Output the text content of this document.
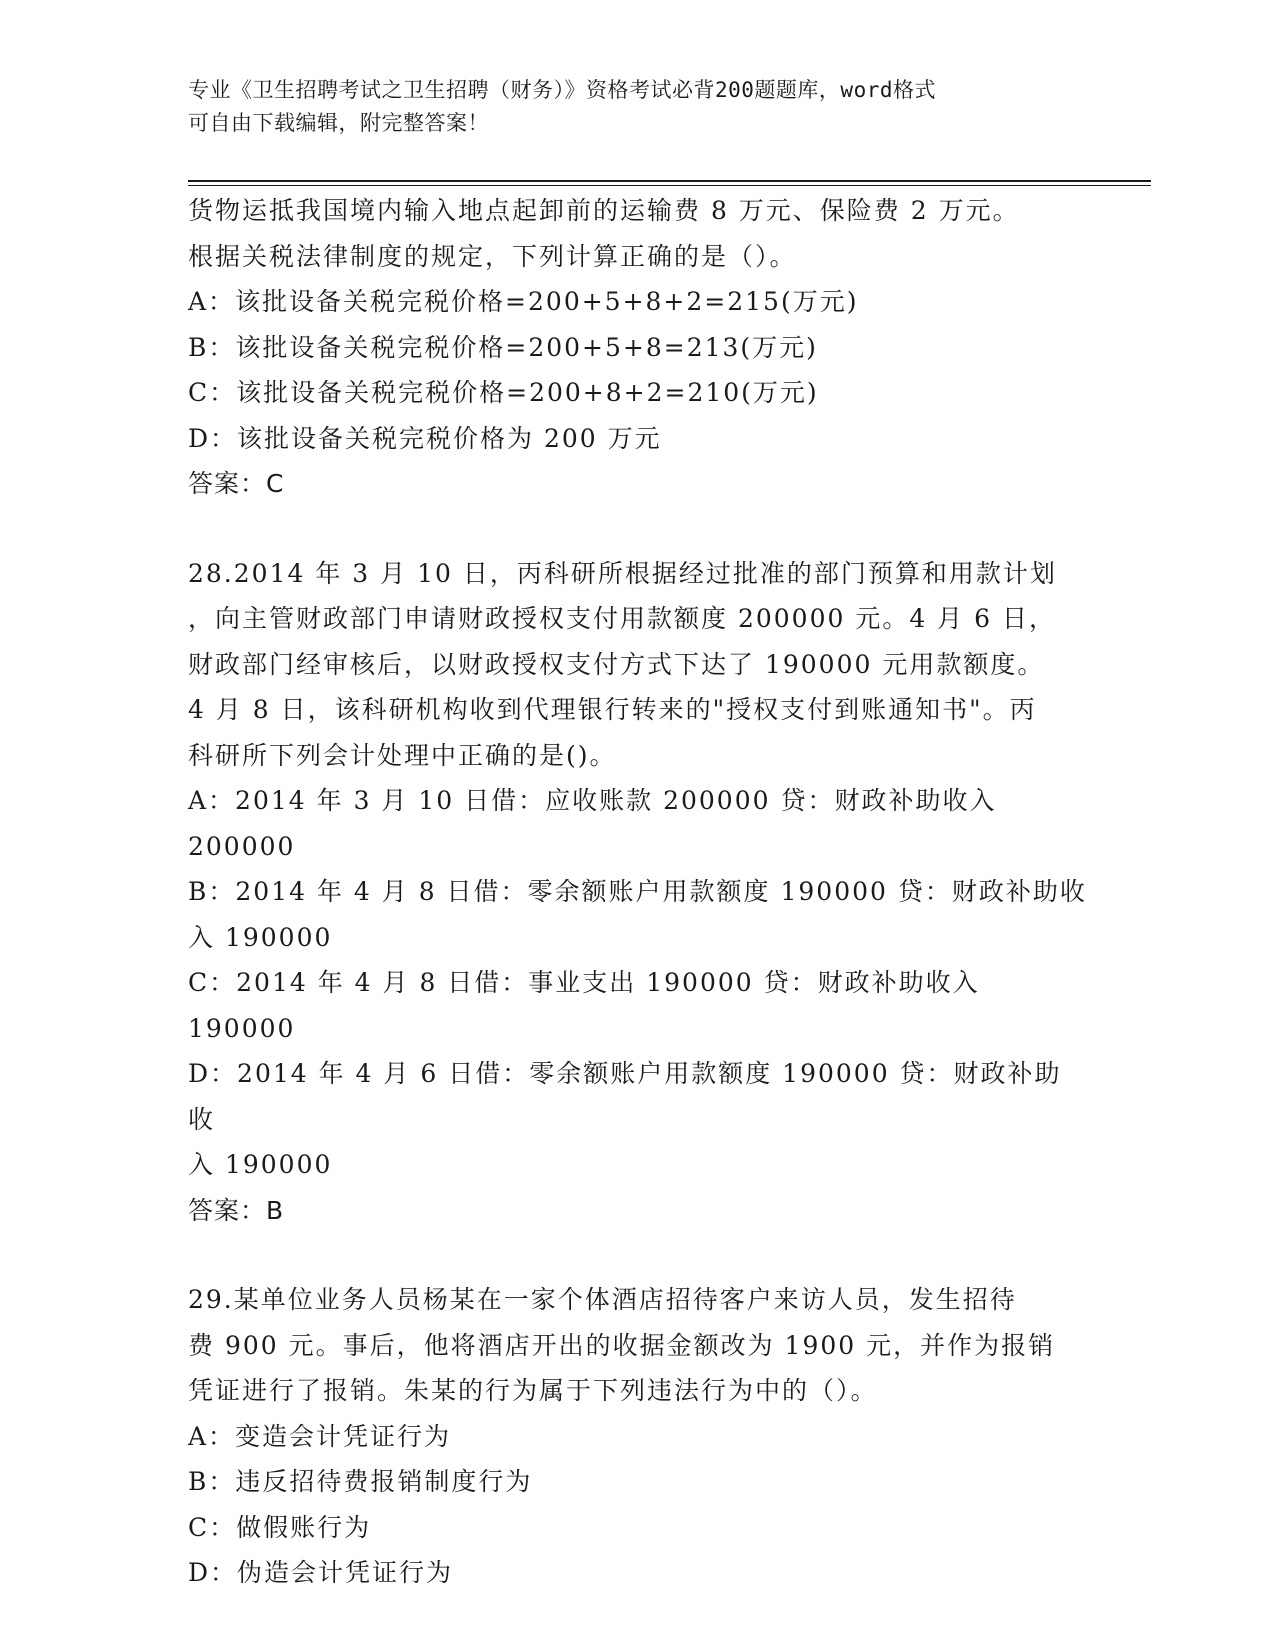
专业《卫生招聘考试之卫生招聘（财务）》资格考试必背200题题库，word格式
可自由下载编辑，附完整答案！

货物运抵我国境内输入地点起卸前的运输费 8 万元、保险费 2 万元。

根据关税法律制度的规定，下列计算正确的是（）。

A：该批设备关税完税价格=200+5+8+2=215(万元)

B：该批设备关税完税价格=200+5+8=213(万元)

C：该批设备关税完税价格=200+8+2=210(万元)

D：该批设备关税完税价格为 200 万元

答案：C

28.2014 年 3 月 10 日，丙科研所根据经过批准的部门预算和用款计划

，向主管财政部门申请财政授权支付用款额度 200000 元。4 月 6 日，

财政部门经审核后，以财政授权支付方式下达了 190000 元用款额度。

4 月 8 日，该科研机构收到代理银行转来的"授权支付到账通知书"。丙

科研所下列会计处理中正确的是()。

A：2014 年 3 月 10 日借：应收账款 200000 贷：财政补助收入 200000

B：2014 年 4 月 8 日借：零余额账户用款额度 190000 贷：财政补助收

入 190000

C：2014 年 4 月 8 日借：事业支出 190000 贷：财政补助收入 190000

D：2014 年 4 月 6 日借：零余额账户用款额度 190000 贷：财政补助收

入 190000

答案：B

29.某单位业务人员杨某在一家个体酒店招待客户来访人员，发生招待

费 900 元。事后，他将酒店开出的收据金额改为 1900 元，并作为报销

凭证进行了报销。朱某的行为属于下列违法行为中的（）。

A：变造会计凭证行为

B：违反招待费报销制度行为

C：做假账行为

D：伪造会计凭证行为
